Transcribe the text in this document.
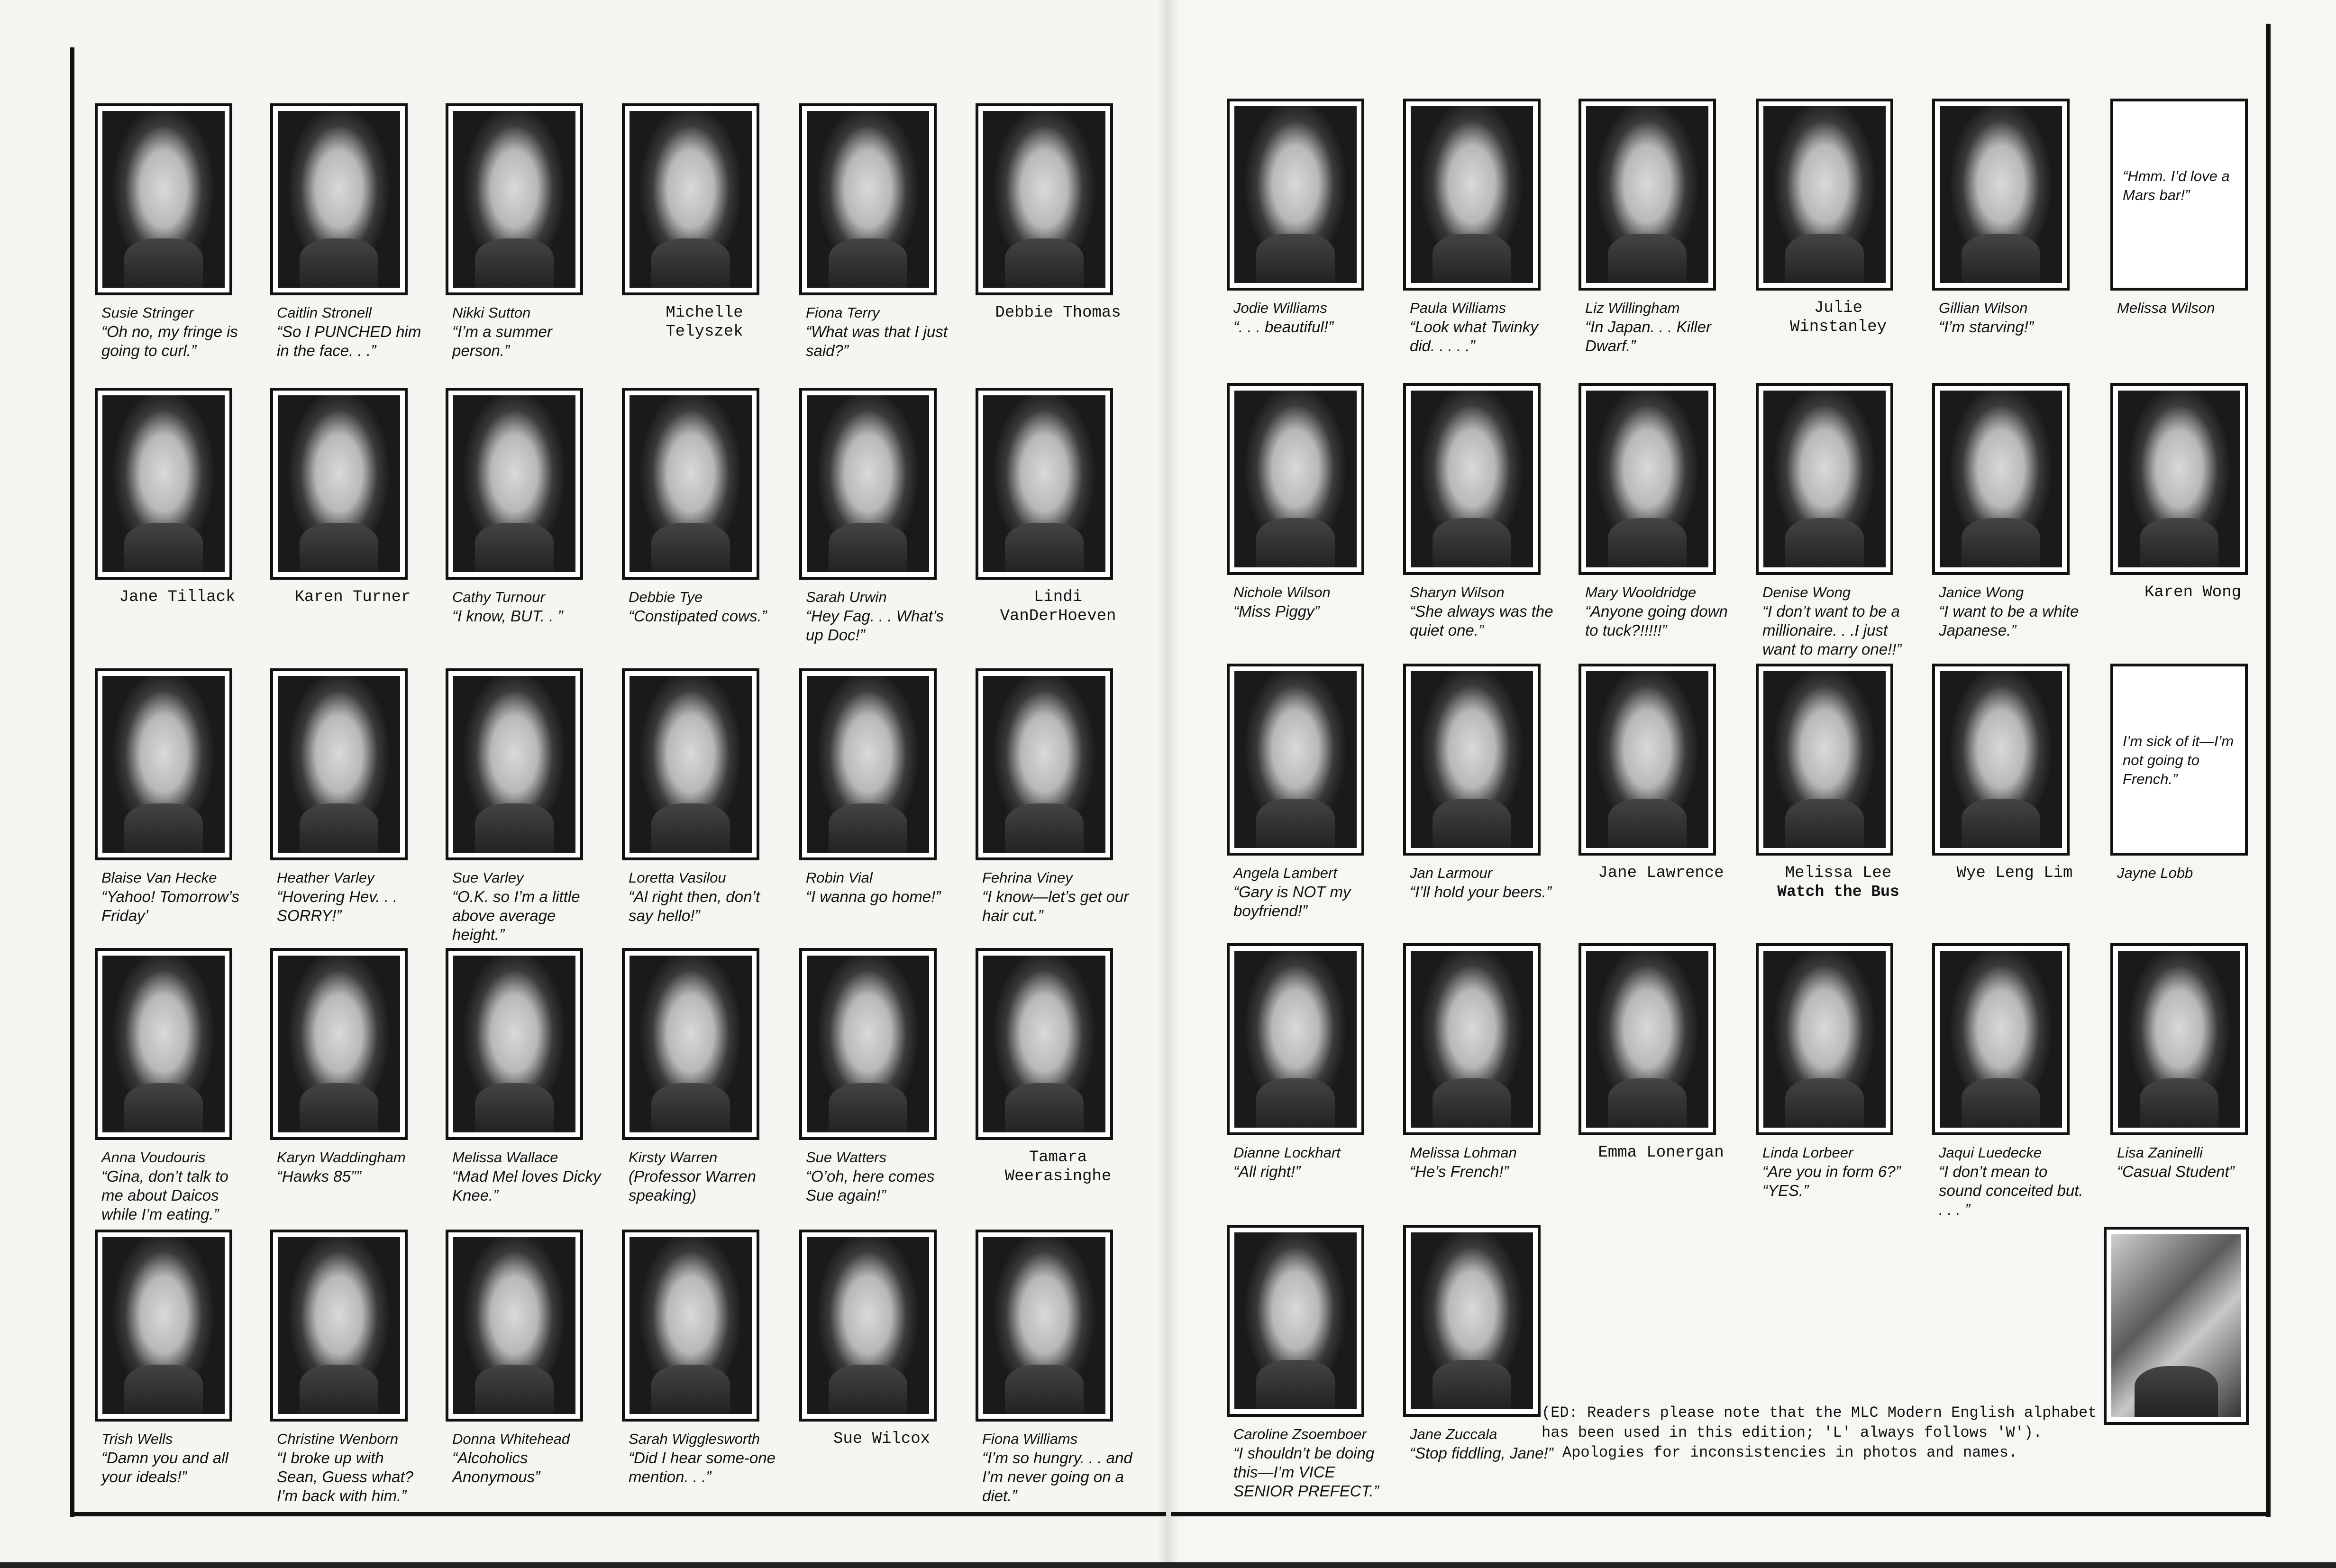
Susie Stringer
“Oh no, my fringe is going to curl.”
Caitlin Stronell
“So I PUNCHED him in the face. . .”
Nikki Sutton
“I’m a summer person.”
Michelle Telyszek
Fiona Terry
“What was that I just said?”
Debbie Thomas
Jane Tillack	Karen Turner	Cathy Turnour
“I know, BUT. . ”
Debbie Tye
“Constipated cows.”
Sarah Urwin
“Hey Fag. . . What’s up Doc!”
Lindi VanDerHoeven
Blaise Van Hecke
“Yahoo! Tomorrow’s Friday’
Heather Varley
“Hovering Hev. . . SORRY!”
Sue Varley
“O.K. so I’m a little above average height.”
Loretta Vasilou
“Al right then, don’t say hello!”
Robin Vial
“I wanna go home!”
Fehrina Viney
“I know—let’s get our hair cut.”
Anna Voudouris
“Gina, don’t talk to me about Daicos while I’m eating.”
Karyn Waddingham
“Hawks 85””
Melissa Wallace
“Mad Mel loves Dicky Knee.”
Kirsty Warren
(Professor Warren speaking)
Sue Watters
“O’oh, here comes Sue again!”
Tamara Weerasinghe
Trish Wells
“Damn you and all your ideals!”
Christine Wenborn
“I broke up with Sean, Guess what? I’m back with him.”
Donna Whitehead
“Alcoholics Anonymous”
Sarah Wigglesworth
“Did I hear some-one mention. . .”
Sue Wilcox	Fiona Williams
“I’m so hungry. . . and I’m never going on a diet.”
Jodie Williams
“. . . beautiful!”
Paula Williams
“Look what Twinky did. . . . .”
Liz Willingham
“In Japan. . . Killer Dwarf.”
Julie Winstanley
Gillian Wilson
“I’m starving!”
“Hmm. I’d love a Mars bar!”
Melissa Wilson
Nichole Wilson
“Miss Piggy”
Sharyn Wilson
“She always was the quiet one.”
Mary Wooldridge
“Anyone going down to tuck?!!!!!”
Denise Wong
“I don’t want to be a millionaire. . .I just want to marry one!!”
Janice Wong
“I want to be a white Japanese.”
Karen Wong
Angela Lambert
“Gary is NOT my boyfriend!”
Jan Larmour
“I’ll hold your beers.”
Jane Lawrence	Melissa Lee
Watch the Bus
Wye Leng Lim
I’m sick of it—I’m not going to French.”
Jayne Lobb
Dianne Lockhart
“All right!”
Melissa Lohman
“He’s French!”
Emma Lonergan	Linda Lorbeer
“Are you in form 6?” “YES.”
Jaqui Luedecke
“I don’t mean to sound conceited but. . . . ”
Lisa Zaninelli
“Casual Student”
Caroline Zsoemboer
“I shouldn’t be doing this—I’m VICE SENIOR PREFECT.”
Jane Zuccala
“Stop fiddling, Jane!”
(ED: Readers please note that the MLC Modern English alphabet
has been used in this edition; 'L' always follows 'W').
Apologies for inconsistencies in photos and names.
